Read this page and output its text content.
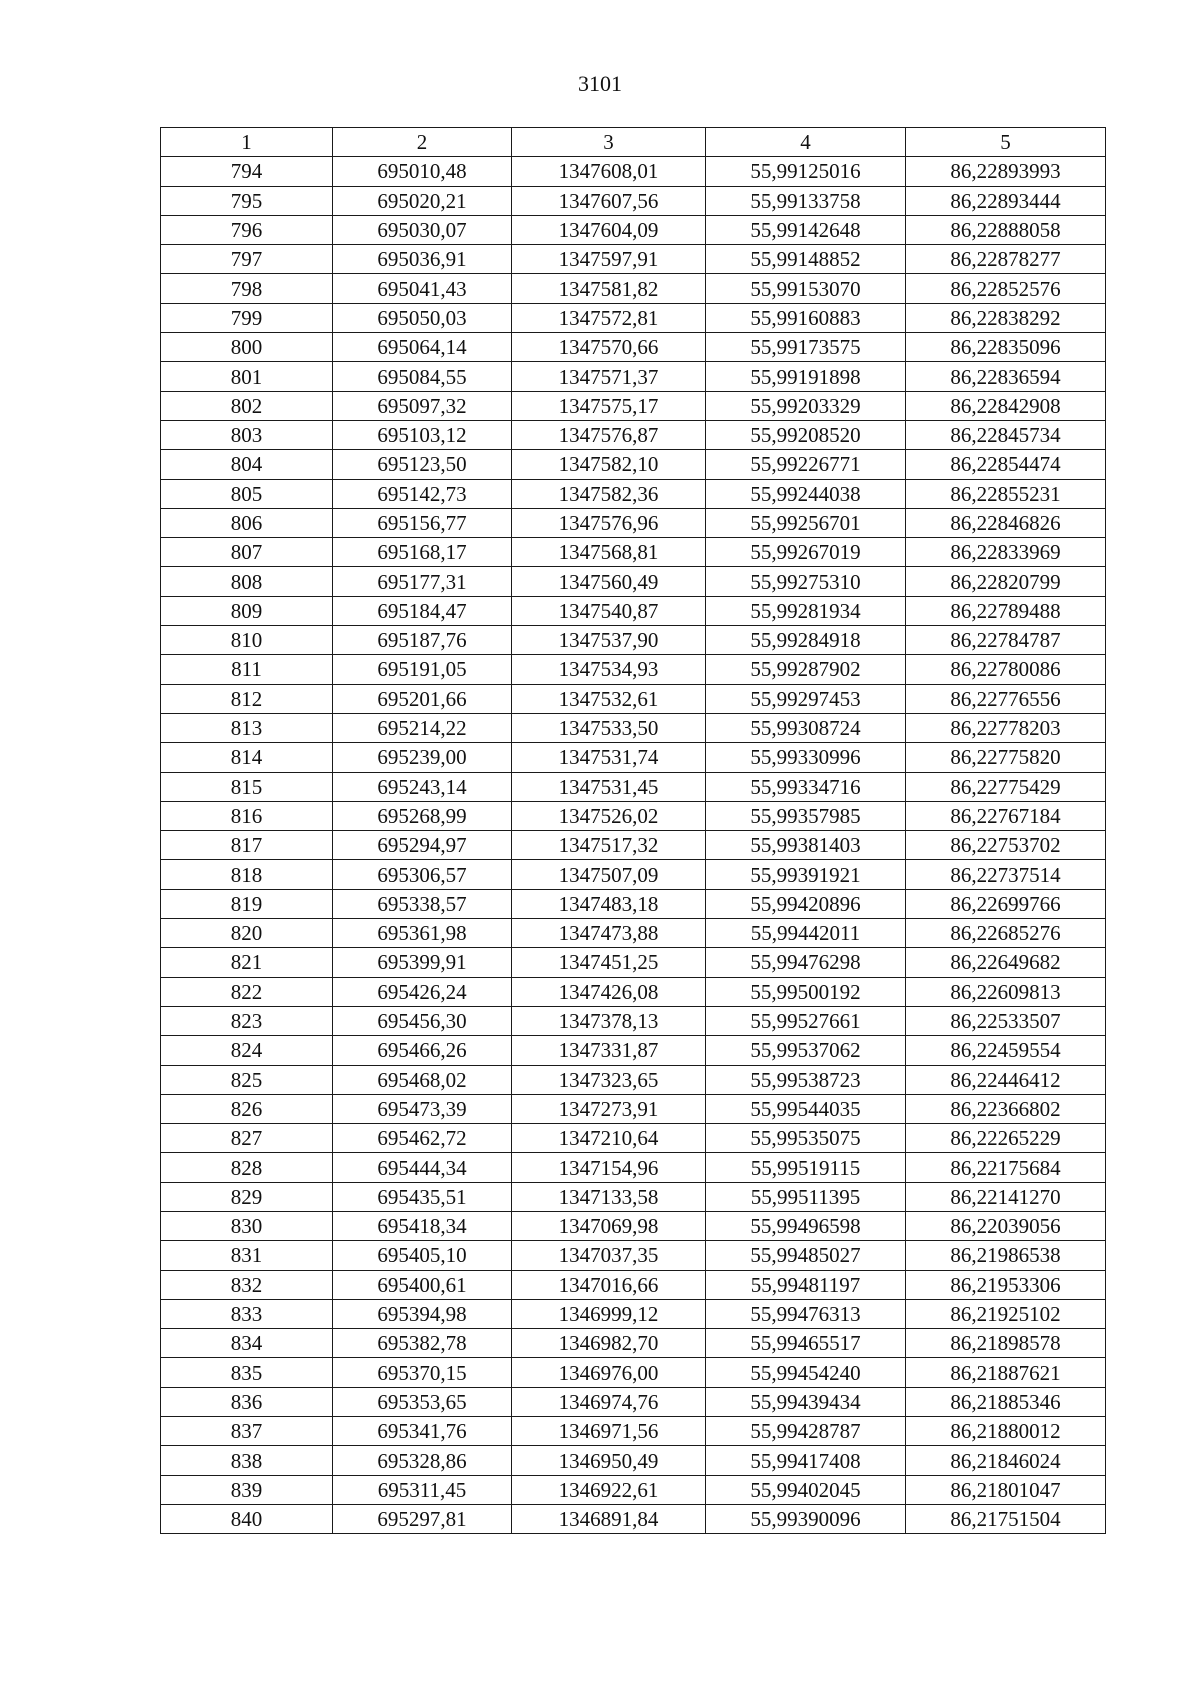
3101
1	2	3	4	5
794	695010,48	1347608,01	55,99125016	86,22893993
795	695020,21	1347607,56	55,99133758	86,22893444
796	695030,07	1347604,09	55,99142648	86,22888058
797	695036,91	1347597,91	55,99148852	86,22878277
798	695041,43	1347581,82	55,99153070	86,22852576
799	695050,03	1347572,81	55,99160883	86,22838292
800	695064,14	1347570,66	55,99173575	86,22835096
801	695084,55	1347571,37	55,99191898	86,22836594
802	695097,32	1347575,17	55,99203329	86,22842908
803	695103,12	1347576,87	55,99208520	86,22845734
804	695123,50	1347582,10	55,99226771	86,22854474
805	695142,73	1347582,36	55,99244038	86,22855231
806	695156,77	1347576,96	55,99256701	86,22846826
807	695168,17	1347568,81	55,99267019	86,22833969
808	695177,31	1347560,49	55,99275310	86,22820799
809	695184,47	1347540,87	55,99281934	86,22789488
810	695187,76	1347537,90	55,99284918	86,22784787
811	695191,05	1347534,93	55,99287902	86,22780086
812	695201,66	1347532,61	55,99297453	86,22776556
813	695214,22	1347533,50	55,99308724	86,22778203
814	695239,00	1347531,74	55,99330996	86,22775820
815	695243,14	1347531,45	55,99334716	86,22775429
816	695268,99	1347526,02	55,99357985	86,22767184
817	695294,97	1347517,32	55,99381403	86,22753702
818	695306,57	1347507,09	55,99391921	86,22737514
819	695338,57	1347483,18	55,99420896	86,22699766
820	695361,98	1347473,88	55,99442011	86,22685276
821	695399,91	1347451,25	55,99476298	86,22649682
822	695426,24	1347426,08	55,99500192	86,22609813
823	695456,30	1347378,13	55,99527661	86,22533507
824	695466,26	1347331,87	55,99537062	86,22459554
825	695468,02	1347323,65	55,99538723	86,22446412
826	695473,39	1347273,91	55,99544035	86,22366802
827	695462,72	1347210,64	55,99535075	86,22265229
828	695444,34	1347154,96	55,99519115	86,22175684
829	695435,51	1347133,58	55,99511395	86,22141270
830	695418,34	1347069,98	55,99496598	86,22039056
831	695405,10	1347037,35	55,99485027	86,21986538
832	695400,61	1347016,66	55,99481197	86,21953306
833	695394,98	1346999,12	55,99476313	86,21925102
834	695382,78	1346982,70	55,99465517	86,21898578
835	695370,15	1346976,00	55,99454240	86,21887621
836	695353,65	1346974,76	55,99439434	86,21885346
837	695341,76	1346971,56	55,99428787	86,21880012
838	695328,86	1346950,49	55,99417408	86,21846024
839	695311,45	1346922,61	55,99402045	86,21801047
840	695297,81	1346891,84	55,99390096	86,21751504
